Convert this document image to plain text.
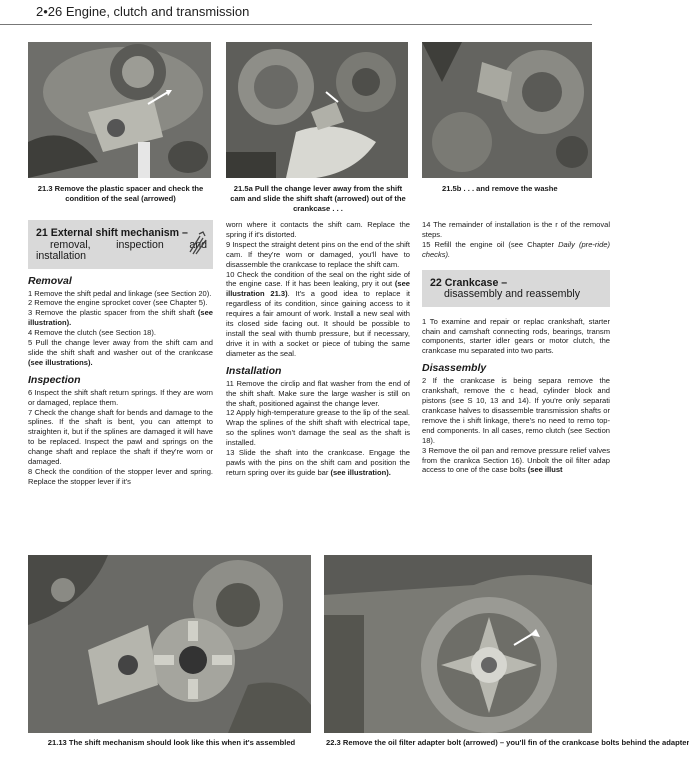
2•26 Engine, clutch and transmission
21.3 Remove the plastic spacer and check the condition of the seal (arrowed)
21.5a Pull the change lever away from the shift cam and slide the shift shaft (arrowed) out of the crankcase . . .
21.5b . . . and remove the washe
21 External shift mechanism –
removal, inspection and installation
Removal

1 Remove the shift pedal and linkage (see Section 20).

2 Remove the engine sprocket cover (see Chapter 5).

3 Remove the plastic spacer from the shift shaft (see illustration).

4 Remove the clutch (see Section 18).

5 Pull the change lever away from the shift cam and slide the shift shaft and washer out of the crankcase (see illustrations).

Inspection

6 Inspect the shift shaft return springs. If they are worn or damaged, replace them.

7 Check the change shaft for bends and damage to the splines. If the shaft is bent, you can attempt to straighten it, but if the splines are damaged it will have to be replaced. Inspect the pawl and springs on the change shaft and replace the shaft if they're worn or damaged.

8 Check the condition of the stopper lever and spring. Replace the stopper lever if it's

worn where it contacts the shift cam. Replace the spring if it's distorted.

9 Inspect the straight detent pins on the end of the shift cam. If they're worn or damaged, you'll have to disassemble the crankcase to replace the shift cam.

10 Check the condition of the seal on the right side of the engine case. If it has been leaking, pry it out (see illustration 21.3). It's a good idea to replace it regardless of its condition, since gaining access to it requires a fair amount of work. Install a new seal with its closed side facing out. It should be possible to install the seal with thumb pressure, but if necessary, drive it in with a socket or piece of tubing the same diameter as the seal.

Installation

11 Remove the circlip and flat washer from the end of the shift shaft. Make sure the large washer is still on the shaft, positioned against the change lever.

12 Apply high-temperature grease to the lip of the seal. Wrap the splines of the shift shaft with electrical tape, so the splines won't damage the seal as the shaft is installed.

13 Slide the shaft into the crankcase. Engage the pawls with the pins on the shift cam and position the return spring over its guide bar (see illustration).

14 The remainder of installation is the r of the removal steps.

15 Refill the engine oil (see Chapter Daily (pre-ride) checks).

22 Crankcase –
disassembly and reassembly

1 To examine and repair or replac crankshaft, starter chain and camshaft connecting rods, bearings, transm components, starter idler gears or motor clutch, the crankcase mu separated into two parts.

Disassembly

2 If the crankcase is being separa remove the crankshaft, remove the c head, cylinder block and pistons (see S 10, 13 and 14). If you're only separati crankcase halves to disassemble transmission shafts or remove the i shift linkage, there's no need to remo top-end components. In all cases, remo clutch (see Section 18).

3 Remove the oil pan and remove pressure relief valves from the crankca Section 16). Unbolt the oil filter adap access to one of the case bolts (see illust

21.13 The shift mechanism should look like this when it's assembled	22.3 Remove the oil filter adapter bolt (arrowed) – you'll fin of the crankcase bolts behind the adapter
